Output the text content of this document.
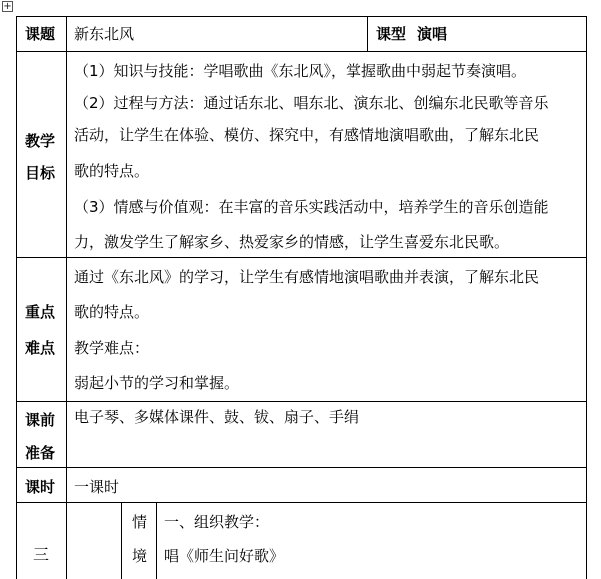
+
课题 新东北风	课型 演唱
教学
目标
（1）知识与技能：学唱歌曲《东北风》，掌握歌曲中弱起节奏演唱。
（2）过程与方法：通过话东北、唱东北、演东北、创编东北民歌等音乐
活动，让学生在体验、模仿、探究中，有感情地演唱歌曲，了解东北民
歌的特点。
（3）情感与价值观：在丰富的音乐实践活动中，培养学生的音乐创造能
力，激发学生了解家乡、热爱家乡的情感，让学生喜爱东北民歌。
重点
难点
通过《东北风》的学习，让学生有感情地演唱歌曲并表演，了解东北民
歌的特点。
教学难点：
弱起小节的学习和掌握。
课前
准备
电子琴、多媒体课件、鼓、钹、扇子、手绢
课时 一课时
三
情
境
一、组织教学：
唱《师生问好歌》
